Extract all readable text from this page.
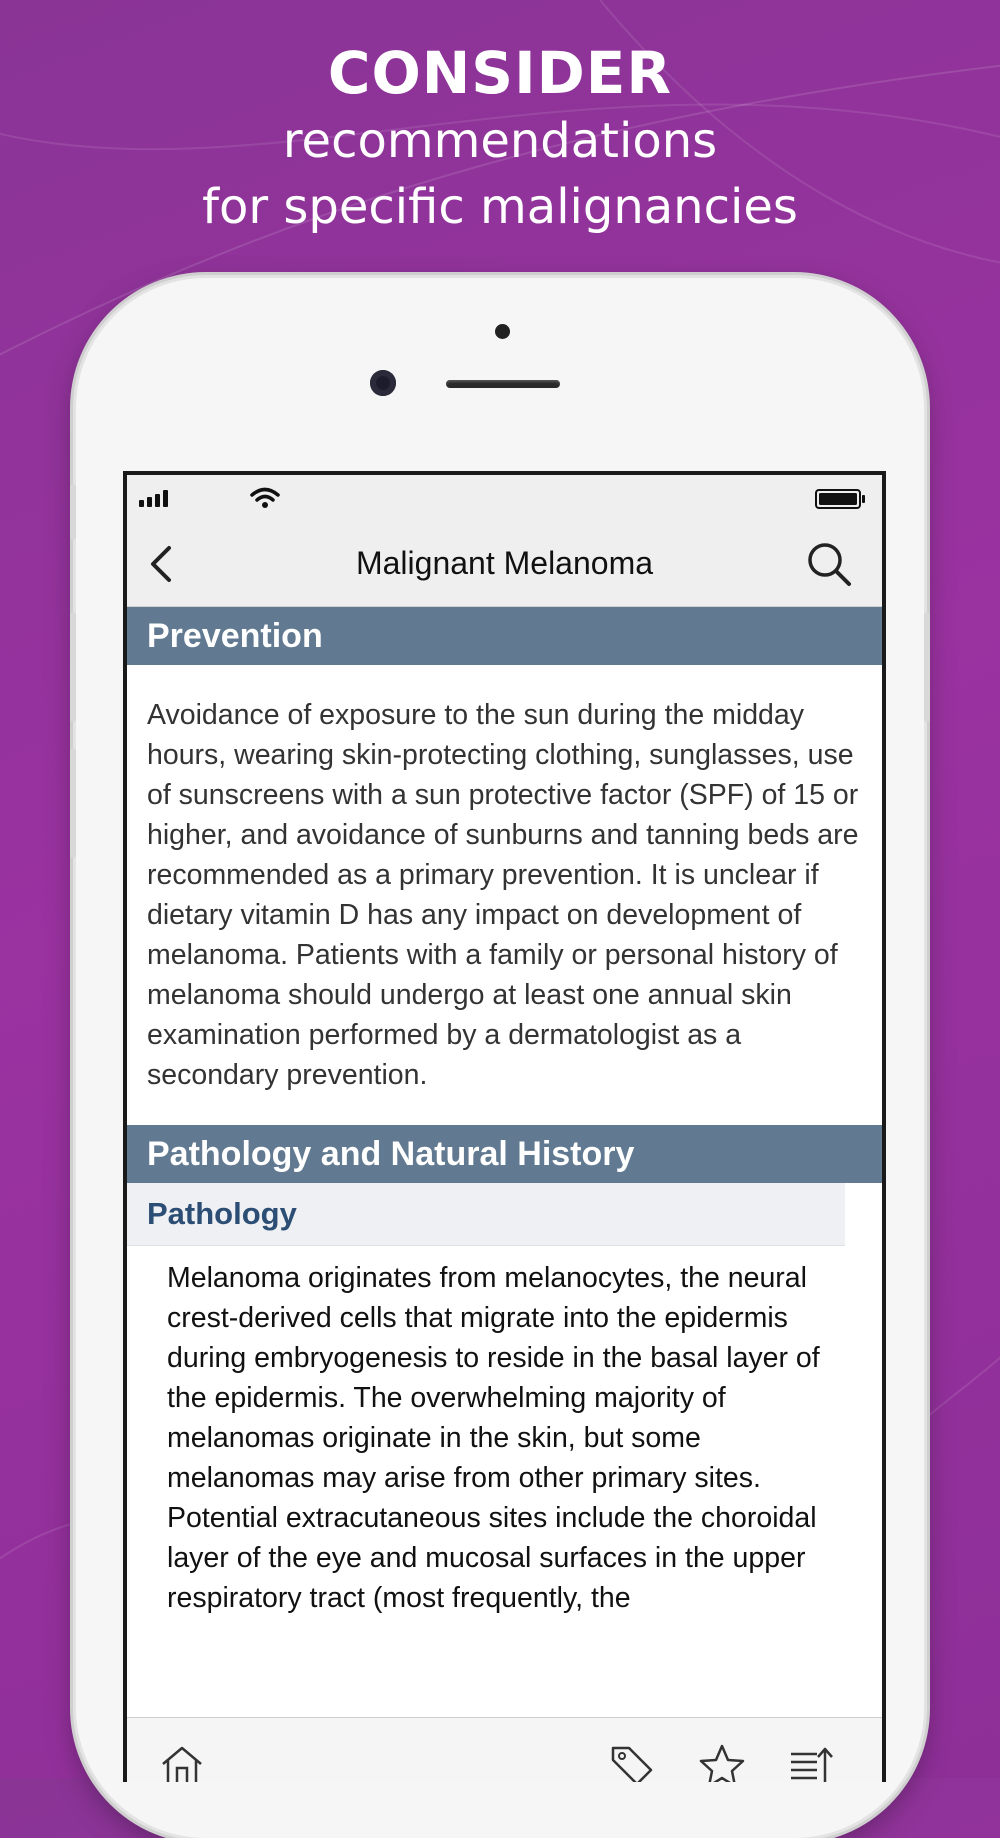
CONSIDER
recommendations
for specific malignancies
Malignant Melanoma
Prevention
Avoidance of exposure to the sun during the midday hours, wearing skin-protecting clothing, sunglasses, use of sunscreens with a sun protective factor (SPF) of 15 or higher, and avoidance of sunburns and tanning beds are recommended as a primary prevention. It is unclear if dietary vitamin D has any impact on development of melanoma. Patients with a family or personal history of melanoma should undergo at least one annual skin examination performed by a dermatologist as a secondary prevention.
Pathology and Natural History
Pathology
Melanoma originates from melanocytes, the neural crest-derived cells that migrate into the epidermis during embryogenesis to reside in the basal layer of the epidermis. The overwhelming majority of melanomas originate in the skin, but some melanomas may arise from other primary sites. Potential extracutaneous sites include the choroidal layer of the eye and mucosal surfaces in the upper respiratory tract (most frequently, the
